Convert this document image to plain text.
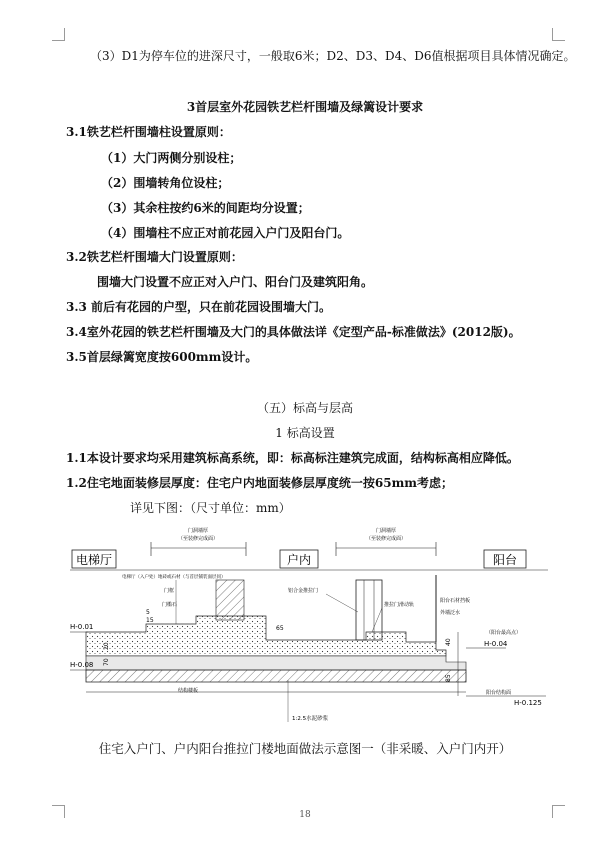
（3）D1为停车位的进深尺寸，一般取6米；D2、D3、D4、D6值根据项目具体情况确定。
3首层室外花园铁艺栏杆围墙及绿篱设计要求
3.1铁艺栏杆围墙柱设置原则：
（1）大门两侧分别设柱；
（2）围墙转角位设柱；
（3）其余柱按约6米的间距均分设置；
（4）围墙柱不应正对前花园入户门及阳台门。
3.2铁艺栏杆围墙大门设置原则：
围墙大门设置不应正对入户门、阳台门及建筑阳角。
3.3 前后有花园的户型，只在前花园设围墙大门。
3.4室外花园的铁艺栏杆围墙及大门的具体做法详《定型产品-标准做法》(2012版)。
3.5首层绿篱宽度按600mm设计。
（五）标高与层高
1 标高设置
1.1本设计要求均采用建筑标高系统，即：标高标注建筑完成面，结构标高相应降低。
1.2住宅地面装修层厚度：住宅户内地面装修层厚度统一按65mm考虑；
详见下图：（尺寸单位：mm）
门洞墙厚
（至装修完成面）
门洞墙厚
（至装修完成面）
电梯厅	户内	阳台
H-0.01
H-0.08
（阳台最高点）
H-0.04
阳台结构面
H-0.125
40
85
20
70
5
15
65
电梯厅（入户处）地砖或石材（与首层铺装面层同）
门框
门槛石
铝合金推拉门
推拉门滑动轨
阳台石材挡板
外墙泛水
结构楼板
1:2.5水泥砂浆
住宅入户门、户内阳台推拉门楼地面做法示意图一（非采暖、入户门内开）
18
